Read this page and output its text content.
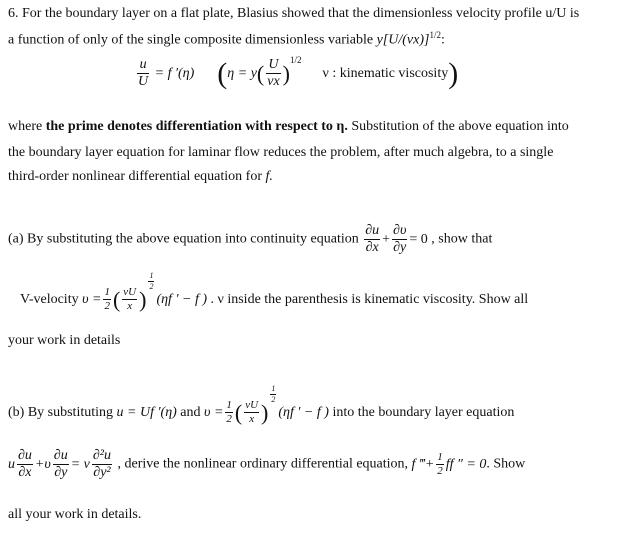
6. For the boundary layer on a flat plate, Blasius showed that the dimensionless velocity profile u/U is
a function of only of the single composite dimensionless variable $y[U/(\nu x)]^{1/2}$:
$\frac{u}{U} = f$ ′(η) ($\eta = y( \frac{U}{\nu x} )^{1/2}$  ν : kinematic viscosity)
where the prime denotes differentiation with respect to η. Substitution of the above equation into
the boundary layer equation for laminar flow reduces the problem, after much algebra, to a single
third-order nonlinear differential equation for f.
(a) By substituting the above equation into continuity equation $\frac{\partial u}{\partial x} + \frac{\partial\upsilon}{\partial y} = 0$ , show that
V-velocity $\upsilon = \frac{1}{2}$ ( $\frac{\nu U}{x}$ )
$\frac{1}{2}$
(ηf ′ − f ) . ν inside the parenthesis is kinematic viscosity. Show all
your work in details
(b) By substituting u = Uf ′(η) and $\upsilon = \frac{1}{2}$ ( $\frac{\nu U}{x}$ )
$\frac{1}{2}$
(ηf ′ − f ) into the boundary layer equation
u $\frac{\partial u}{\partial x} +\upsilon \frac{\partial u}{\partial y} = \nu \frac{\text{∂²u}}{\text{∂y²}}$ , derive the nonlinear ordinary differential equation, f ‴+ $\frac{1}{2}$ ff ″ = 0. Show
all your work in details.
